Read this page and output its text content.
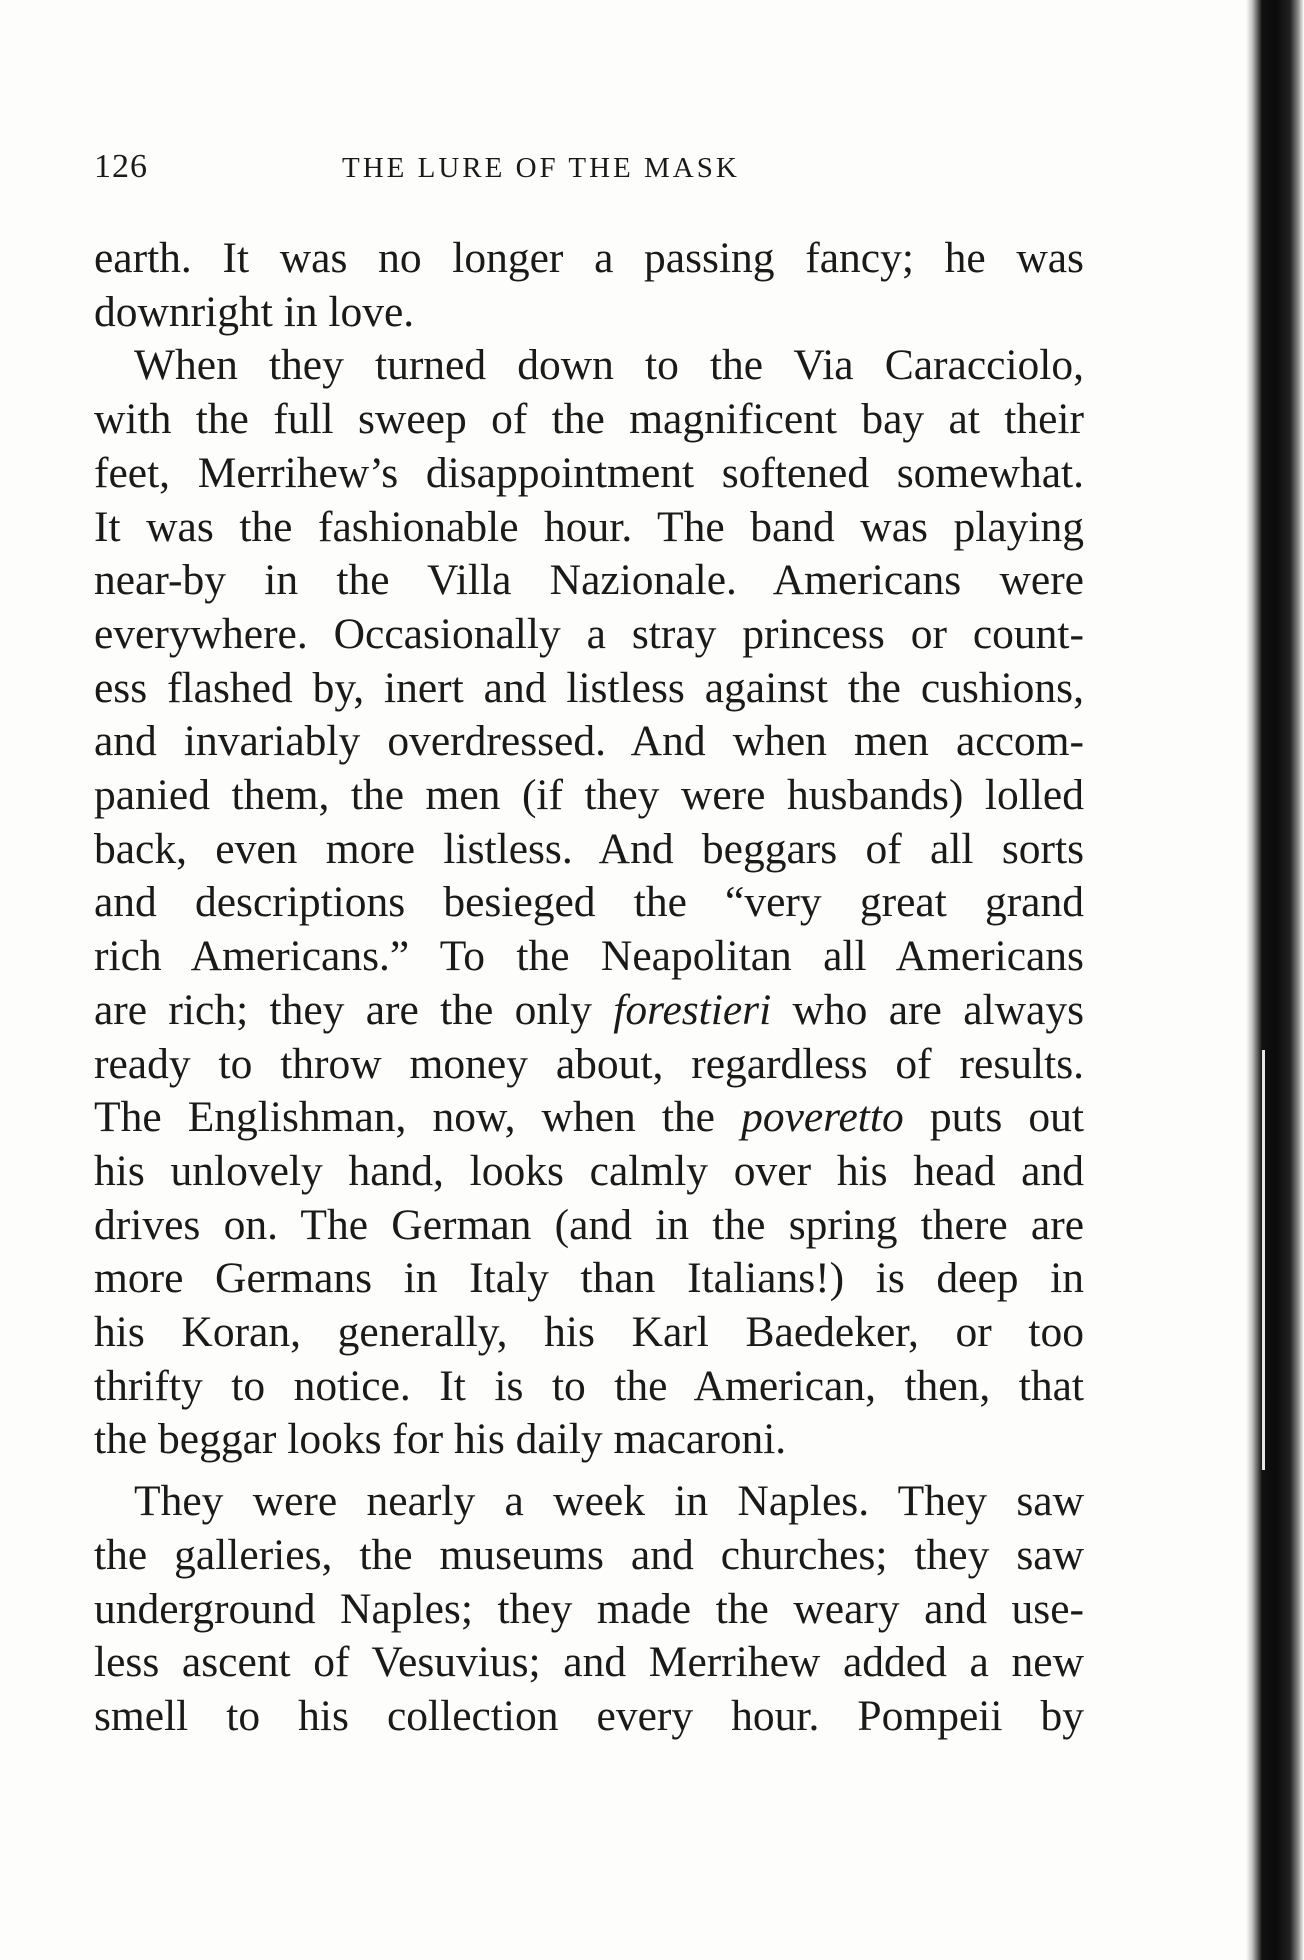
126	THE LURE OF THE MASK

earth. It was no longer a passing fancy; he was

downright in love.

When they turned down to the Via Caracciolo,

with the full sweep of the magnificent bay at their

feet, Merrihew’s disappointment softened somewhat.

It was the fashionable hour. The band was playing

near-by in the Villa Nazionale. Americans were

everywhere. Occasionally a stray princess or count-

ess flashed by, inert and listless against the cushions,

and invariably overdressed. And when men accom-

panied them, the men (if they were husbands) lolled

back, even more listless. And beggars of all sorts

and descriptions besieged the “very great grand

rich Americans.” To the Neapolitan all Americans

are rich; they are the only forestieri who are always

ready to throw money about, regardless of results.

The Englishman, now, when the poveretto puts out

his unlovely hand, looks calmly over his head and

drives on. The German (and in the spring there are

more Germans in Italy than Italians!) is deep in

his Koran, generally, his Karl Baedeker, or too

thrifty to notice. It is to the American, then, that

the beggar looks for his daily macaroni.

They were nearly a week in Naples. They saw

the galleries, the museums and churches; they saw

underground Naples; they made the weary and use-

less ascent of Vesuvius; and Merrihew added a new

smell to his collection every hour. Pompeii by
